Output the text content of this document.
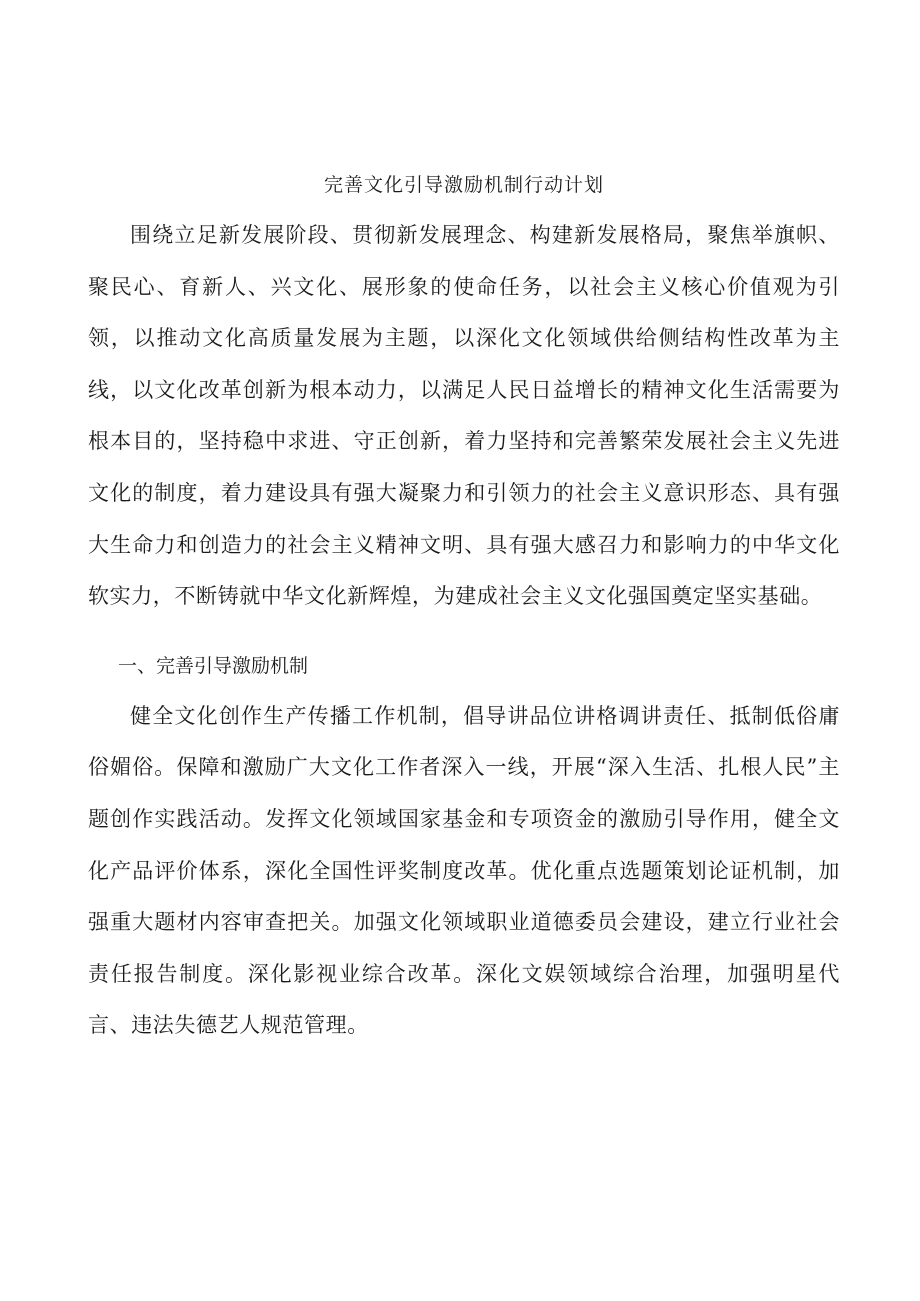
完善文化引导激励机制行动计划

围绕立足新发展阶段、贯彻新发展理念、构建新发展格局，聚焦举旗帜、聚民心、育新人、兴文化、展形象的使命任务，以社会主义核心价值观为引领，以推动文化高质量发展为主题，以深化文化领域供给侧结构性改革为主线，以文化改革创新为根本动力，以满足人民日益增长的精神文化生活需要为根本目的，坚持稳中求进、守正创新，着力坚持和完善繁荣发展社会主义先进文化的制度，着力建设具有强大凝聚力和引领力的社会主义意识形态、具有强大生命力和创造力的社会主义精神文明、具有强大感召力和影响力的中华文化软实力，不断铸就中华文化新辉煌，为建成社会主义文化强国奠定坚实基础。

一、完善引导激励机制

健全文化创作生产传播工作机制，倡导讲品位讲格调讲责任、抵制低俗庸俗媚俗。保障和激励广大文化工作者深入一线，开展“深入生活、扎根人民”主题创作实践活动。发挥文化领域国家基金和专项资金的激励引导作用，健全文化产品评价体系，深化全国性评奖制度改革。优化重点选题策划论证机制，加强重大题材内容审查把关。加强文化领域职业道德委员会建设，建立行业社会责任报告制度。深化影视业综合改革。深化文娱领域综合治理，加强明星代言、违法失德艺人规范管理。
